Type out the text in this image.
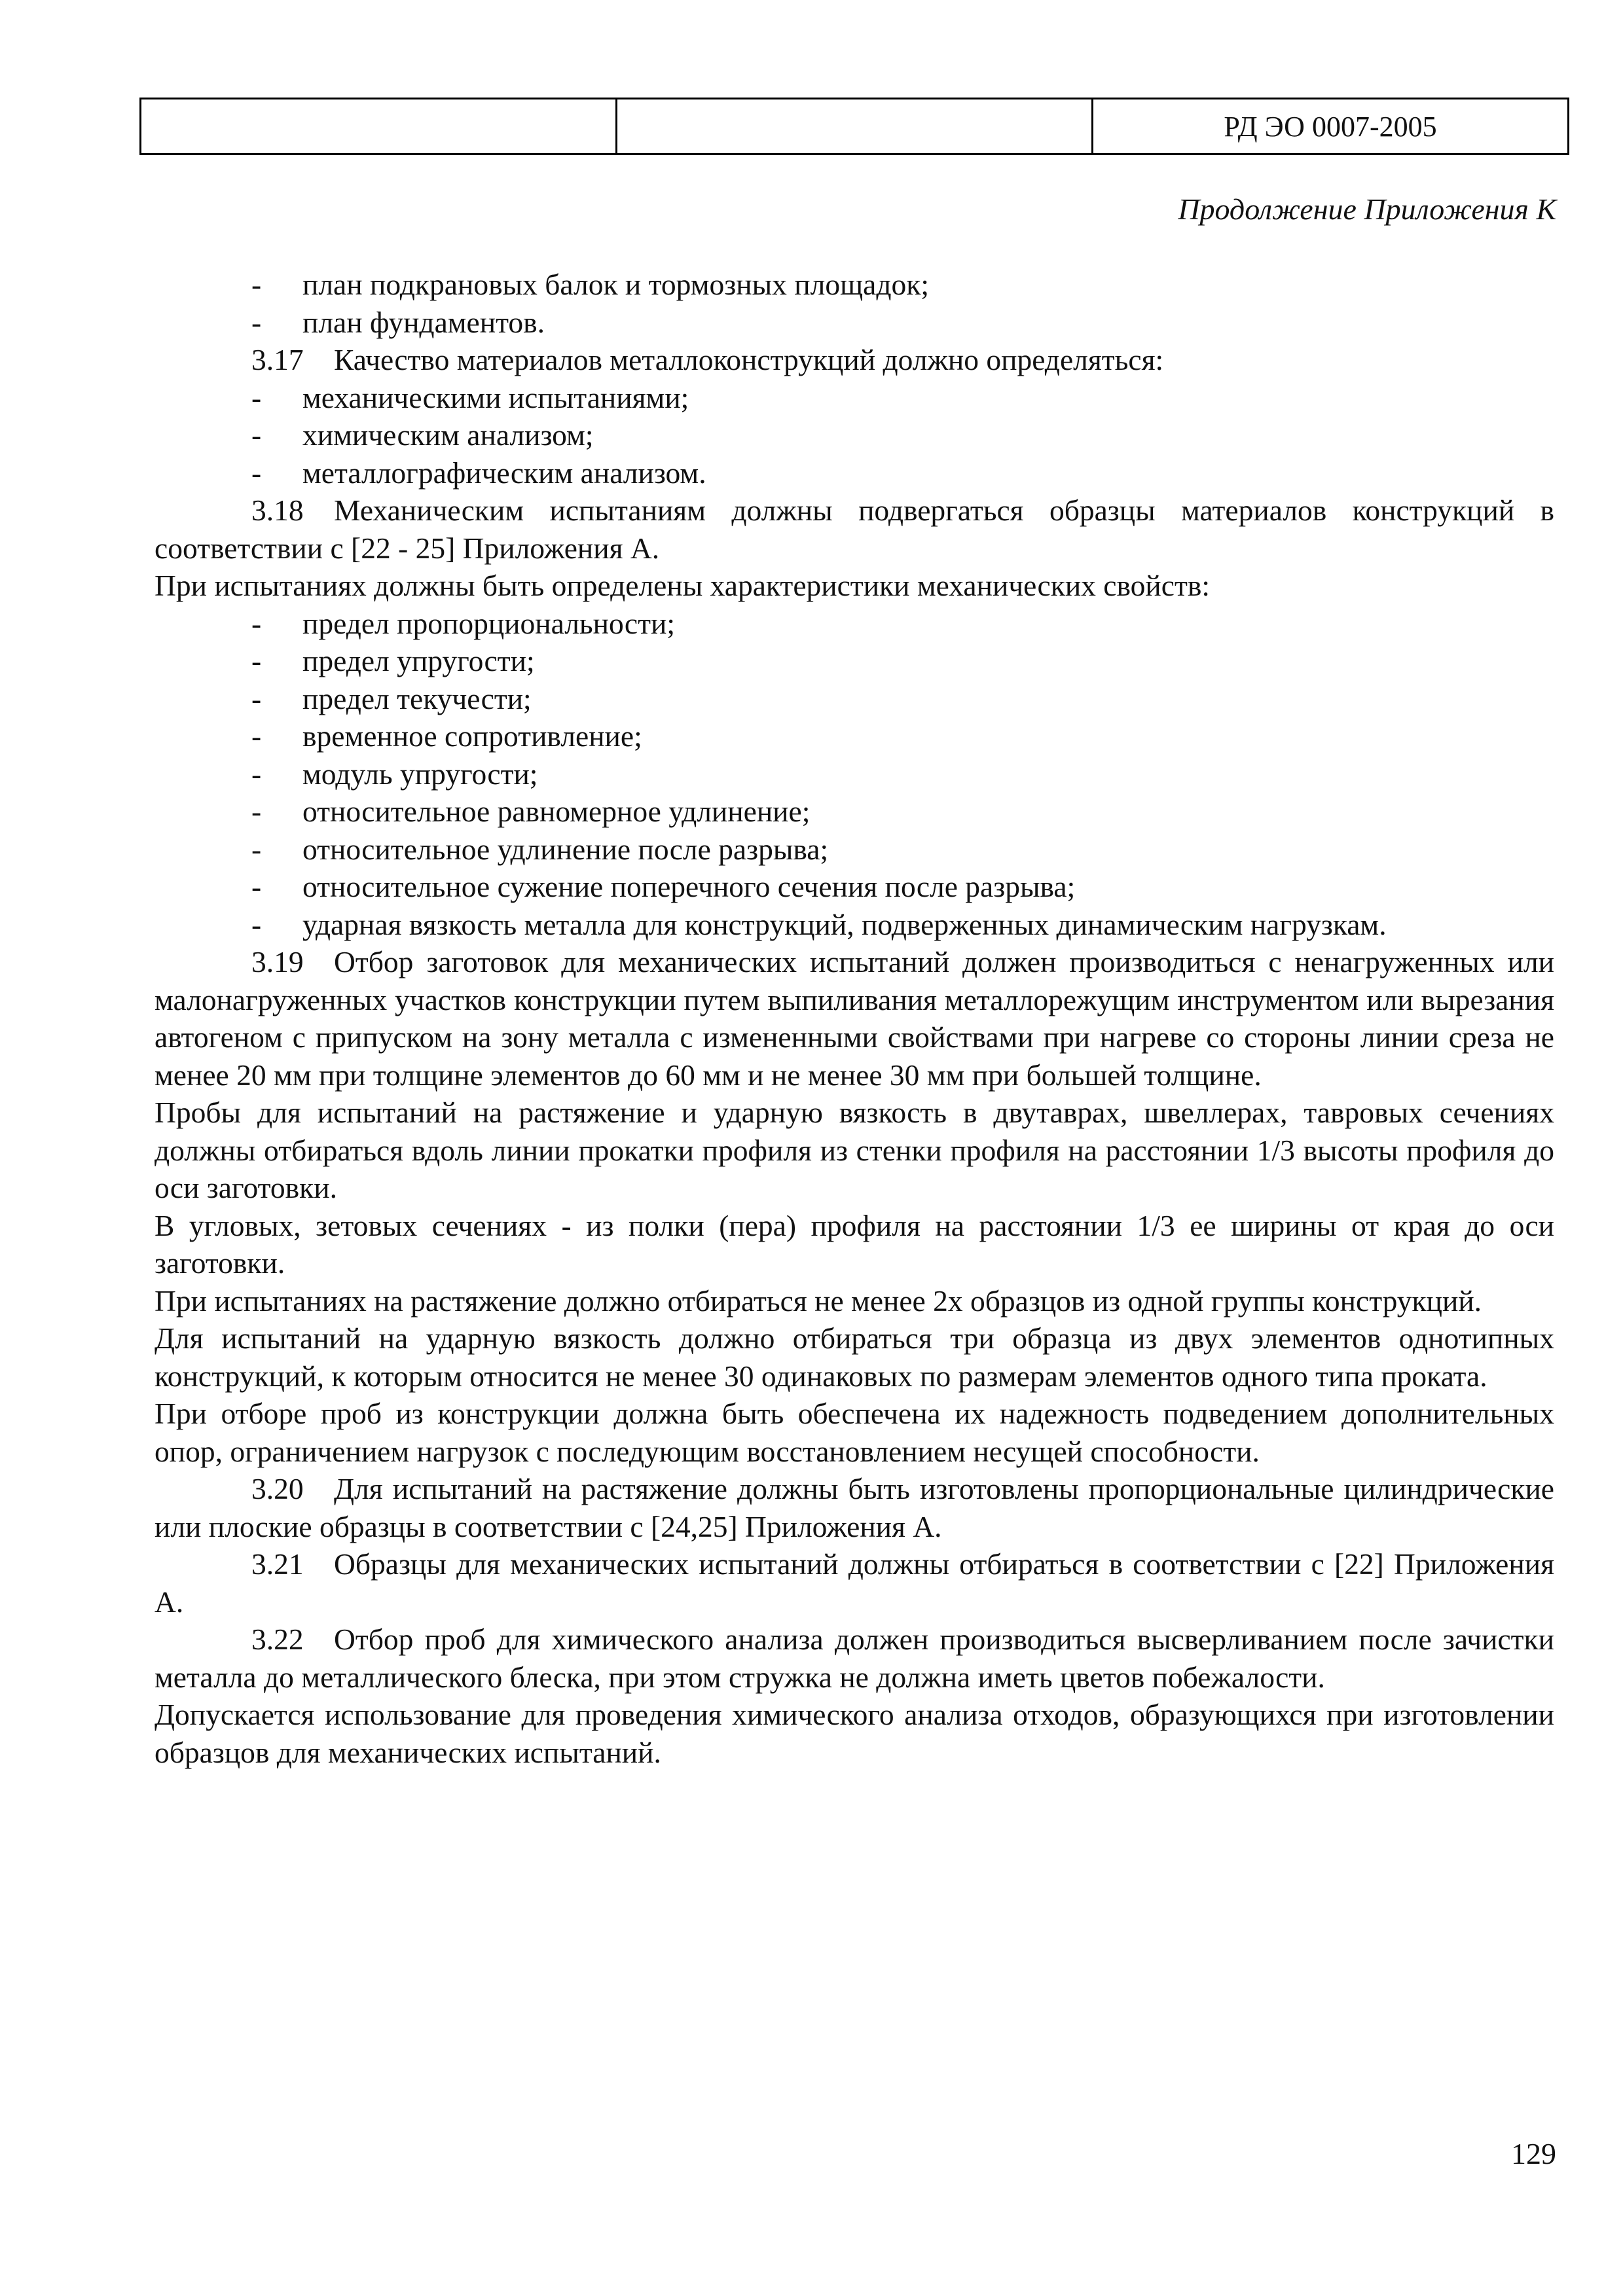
		РД ЭО 0007-2005
Продолжение Приложения К
- план подкрановых балок и тормозных площадок;
- план фундаментов.
3.17 Качество материалов металлоконструкций должно определяться:
- механическими испытаниями;
- химическим анализом;
- металлографическим анализом.
3.18 Механическим испытаниям должны подвергаться образцы материалов конструкций в соответствии с [22 - 25] Приложения А.
При испытаниях должны быть определены характеристики механических свойств:
- предел пропорциональности;
- предел упругости;
- предел текучести;
- временное сопротивление;
- модуль упругости;
- относительное равномерное удлинение;
- относительное удлинение после разрыва;
- относительное сужение поперечного сечения после разрыва;
- ударная вязкость металла для конструкций, подверженных динамическим нагрузкам.
3.19 Отбор заготовок для механических испытаний должен производиться с ненагруженных или малонагруженных участков конструкции путем выпиливания металлорежущим инструментом или вырезания автогеном с припуском на зону металла с измененными свойствами при нагреве со стороны линии среза не менее 20 мм при толщине элементов до 60 мм и не менее 30 мм при большей толщине.
Пробы для испытаний на растяжение и ударную вязкость в двутаврах, швеллерах, тавровых сечениях должны отбираться вдоль линии прокатки профиля из стенки профиля на расстоянии 1/3 высоты профиля до оси заготовки.
В угловых, зетовых сечениях - из полки (пера) профиля на расстоянии 1/3 ее ширины от края до оси заготовки.
При испытаниях на растяжение должно отбираться не менее 2х образцов из одной группы конструкций.
Для испытаний на ударную вязкость должно отбираться три образца из двух элементов однотипных конструкций, к которым относится не менее 30 одинаковых по размерам элементов одного типа проката.
При отборе проб из конструкции должна быть обеспечена их надежность подведением дополнительных опор, ограничением нагрузок с последующим восстановлением несущей способности.
3.20 Для испытаний на растяжение должны быть изготовлены пропорциональные цилиндрические или плоские образцы в соответствии с [24,25] Приложения А.
3.21 Образцы для механических испытаний должны отбираться в соответствии с [22] Приложения А.
3.22 Отбор проб для химического анализа должен производиться высверливанием после зачистки металла до металлического блеска, при этом стружка не должна иметь цветов побежалости.
Допускается использование для проведения химического анализа отходов, образующихся при изготовлении образцов для механических испытаний.
129
